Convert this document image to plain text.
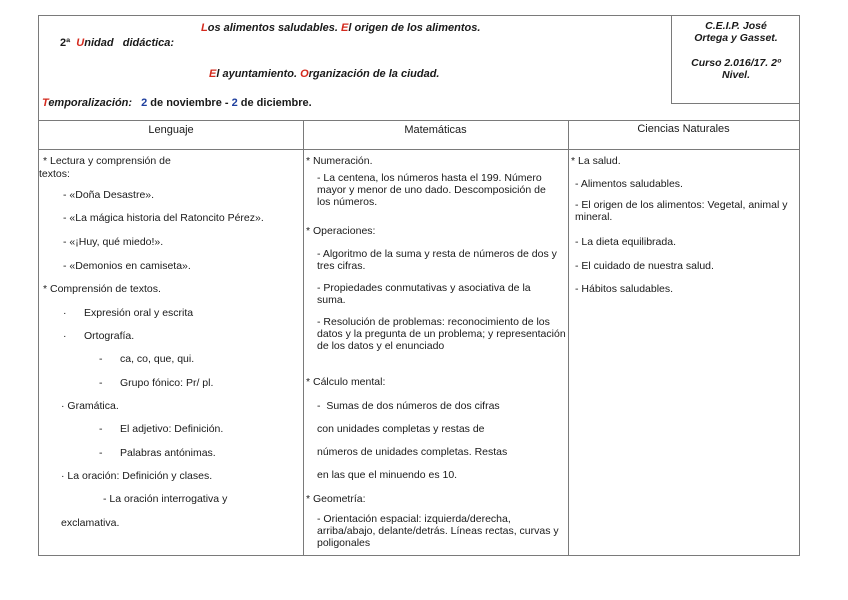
2ª Unidad   didáctica:
Los alimentos saludables. El origen de los alimentos.
El ayuntamiento. Organización de la ciudad.
Temporalización: 2 de noviembre - 2 de diciembre.
C.E.I.P. José
Ortega y Gasset.
Curso 2.016/17. 2º
Nivel.
Lenguaje	Matemáticas	Ciencias Naturales
* Lectura y comprensión de
textos:
- «Doña Desastre».
- «La mágica historia del Ratoncito Pérez».
- «¡Huy, qué miedo!».
- «Demonios en camiseta».
* Comprensión de textos.
·      Expresión oral y escrita
·      Ortografía.
-      ca, co, que, qui.
-      Grupo fónico: Pr/ pl.
· Gramática.
-      El adjetivo: Definición.
-      Palabras antónimas.
· La oración: Definición y clases.
- La oración interrogativa y
exclamativa.
* Numeración.
- La centena, los números hasta el 199. Número mayor y menor de uno dado. Descomposición de los números.
* Operaciones:
- Algoritmo de la suma y resta de números de dos y tres cifras.
- Propiedades conmutativas y asociativa de la suma.
- Resolución de problemas: reconocimiento de los datos y la pregunta de un problema; y representación de los datos y el enunciado
* Cálculo mental:
-  Sumas de dos números de dos cifras
con unidades completas y restas de
números de unidades completas. Restas
en las que el minuendo es 10.
* Geometría:
- Orientación espacial: izquierda/derecha, arriba/abajo, delante/detrás. Líneas rectas, curvas y poligonales
* La salud.
- Alimentos saludables.
- El origen de los alimentos: Vegetal, animal y mineral.
- La dieta equilibrada.
- El cuidado de nuestra salud.
- Hábitos saludables.
